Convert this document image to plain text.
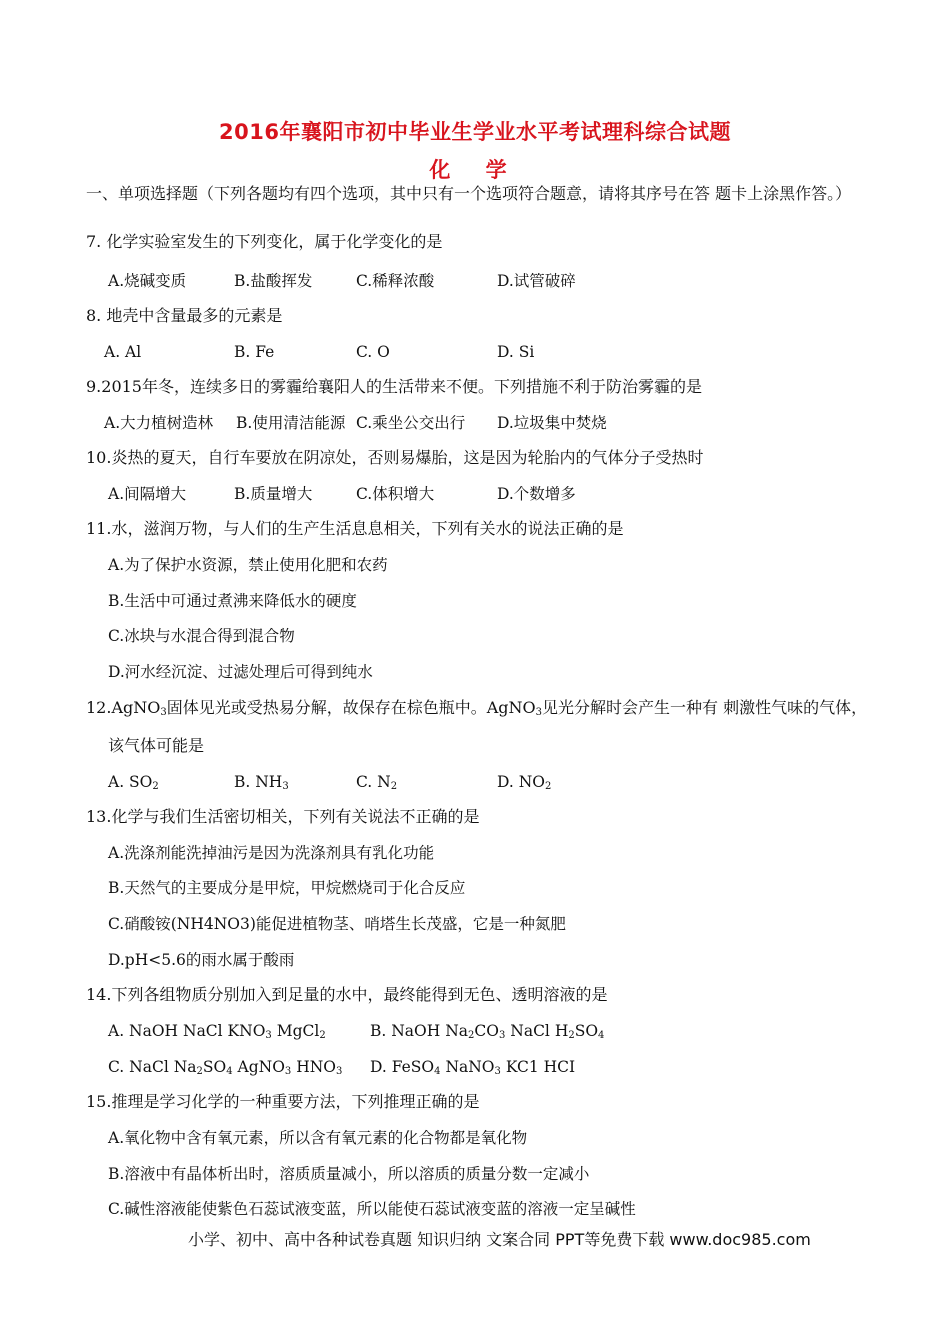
2016年襄阳市初中毕业生学业水平考试理科综合试题
化 学
一、单项选择题（下列各题均有四个选项，其中只有一个选项符合题意，请将其序号在答 题卡上涂黑作答。）
7. 化学实验室发生的下列变化，属于化学变化的是
A.烧碱变质	B.盐酸挥发	C.稀释浓酸	D.试管破碎
8. 地壳中含量最多的元素是
A. Al	B. Fe	C. O	D. Si
9.2015年冬，连续多日的雾霾给襄阳人的生活带来不便。下列措施不利于防治雾霾的是
A.大力植树造林 B.使用清洁能源 C.乘坐公交出行 D.垃圾集中焚烧
10.炎热的夏天，自行车要放在阴凉处，否则易爆胎，这是因为轮胎内的气体分子受热时
A.间隔增大	B.质量增大	C.体积增大	D.个数增多
11.水，滋润万物，与人们的生产生活息息相关，下列有关水的说法正确的是
A.为了保护水资源，禁止使用化肥和农药
B.生活中可通过煮沸来降低水的硬度
C.冰块与水混合得到混合物
D.河水经沉淀、过滤处理后可得到纯水
12.AgNO$_3$固体见光或受热易分解，故保存在棕色瓶中。AgNO$_3$见光分解时会产生一种有 刺激性气味的气体，
该气体可能是
A. $SO_2$	B. $NH_3$	C. $N_2$	D. $NO_2$
13.化学与我们生活密切相关，下列有关说法不正确的是
A.洗涤剂能洗掉油污是因为洗涤剂具有乳化功能
B.天然气的主要成分是甲烷，甲烷燃烧司于化合反应
C.硝酸铵(NH4NO3)能促进植物茎、哨塔生长茂盛，它是一种氮肥
D.pH<5.6的雨水属于酸雨
14.下列各组物质分别加入到足量的水中，最终能得到无色、透明溶液的是
A. NaOH NaCl $KNO_3$ MgCl$_2$	B. NaOH $Na_2CO_3$ NaCl $H_2SO_4$
C. NaCl $Na_2SO_4$ AgNO$_3$ $HNO_3$ D. FeSO$_4$ NaNO$_3$ KC1 HCI
15.推理是学习化学的一种重要方法，下列推理正确的是
A.氧化物中含有氧元素，所以含有氧元素的化合物都是氧化物
B.溶液中有晶体析出时，溶质质量减小，所以溶质的质量分数一定减小
C.碱性溶液能使紫色石蕊试液变蓝，所以能使石蕊试液变蓝的溶液一定呈碱性
小学、初中、高中各种试卷真题 知识归纳 文案合同 PPT等免费下载 www.doc985.com
